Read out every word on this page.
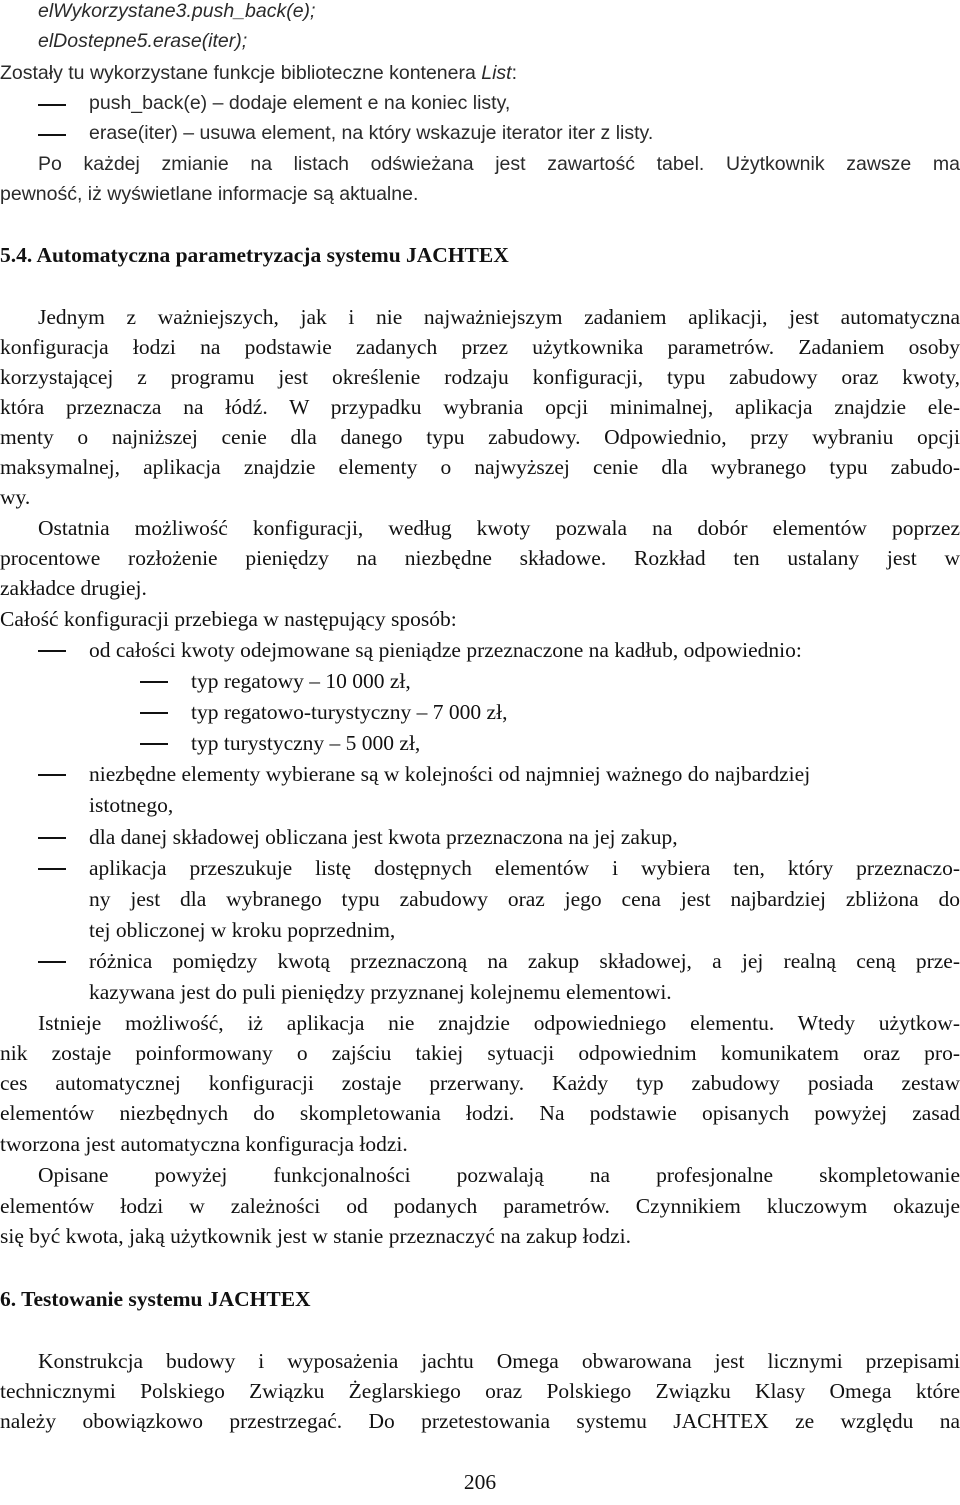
elWykorzystane3.push_back(e);
elDostepne5.erase(iter);
Zostały tu wykorzystane funkcje biblioteczne kontenera List:
push_back(e) – dodaje element e na koniec listy,
erase(iter) – usuwa element, na który wskazuje iterator iter z listy.
Po każdej zmianie na listach odświeżana jest zawartość tabel. Użytkownik zawsze ma
pewność, iż wyświetlane informacje są aktualne.
5.4. Automatyczna parametryzacja systemu JACHTEX
Jednym z ważniejszych, jak i nie najważniejszym zadaniem aplikacji, jest automatyczna
konfiguracja łodzi na podstawie zadanych przez użytkownika parametrów. Zadaniem osoby
korzystającej z programu jest określenie rodzaju konfiguracji, typu zabudowy oraz kwoty,
która przeznacza na łódź. W przypadku wybrania opcji minimalnej, aplikacja znajdzie ele-
menty o najniższej cenie dla danego typu zabudowy. Odpowiednio, przy wybraniu opcji
maksymalnej, aplikacja znajdzie elementy o najwyższej cenie dla wybranego typu zabudo-
wy.
Ostatnia możliwość konfiguracji, według kwoty pozwala na dobór elementów poprzez
procentowe rozłożenie pieniędzy na niezbędne składowe. Rozkład ten ustalany jest w
zakładce drugiej.
Całość konfiguracji przebiega w następujący sposób:
od całości kwoty odejmowane są pieniądze przeznaczone na kadłub, odpowiednio:
typ regatowy – 10 000 zł,
typ regatowo-turystyczny – 7 000 zł,
typ turystyczny – 5 000 zł,
niezbędne elementy wybierane są w kolejności od najmniej ważnego do najbardziej
istotnego,
dla danej składowej obliczana jest kwota przeznaczona na jej zakup,
aplikacja przeszukuje listę dostępnych elementów i wybiera ten, który przeznaczo-
ny jest dla wybranego typu zabudowy oraz jego cena jest najbardziej zbliżona do
tej obliczonej w kroku poprzednim,
różnica pomiędzy kwotą przeznaczoną na zakup składowej, a jej realną ceną prze-
kazywana jest do puli pieniędzy przyznanej kolejnemu elementowi.
Istnieje możliwość, iż aplikacja nie znajdzie odpowiedniego elementu. Wtedy użytkow-
nik zostaje poinformowany o zajściu takiej sytuacji odpowiednim komunikatem oraz pro-
ces automatycznej konfiguracji zostaje przerwany. Każdy typ zabudowy posiada zestaw
elementów niezbędnych do skompletowania łodzi. Na podstawie opisanych powyżej zasad
tworzona jest automatyczna konfiguracja łodzi.
Opisane powyżej funkcjonalności pozwalają na profesjonalne skompletowanie
elementów łodzi w zależności od podanych parametrów. Czynnikiem kluczowym okazuje
się być kwota, jaką użytkownik jest w stanie przeznaczyć na zakup łodzi.
6. Testowanie systemu JACHTEX
Konstrukcja budowy i wyposażenia jachtu Omega obwarowana jest licznymi przepisami
technicznymi Polskiego Związku Żeglarskiego oraz Polskiego Związku Klasy Omega które
należy obowiązkowo przestrzegać. Do przetestowania systemu JACHTEX ze względu na
206
